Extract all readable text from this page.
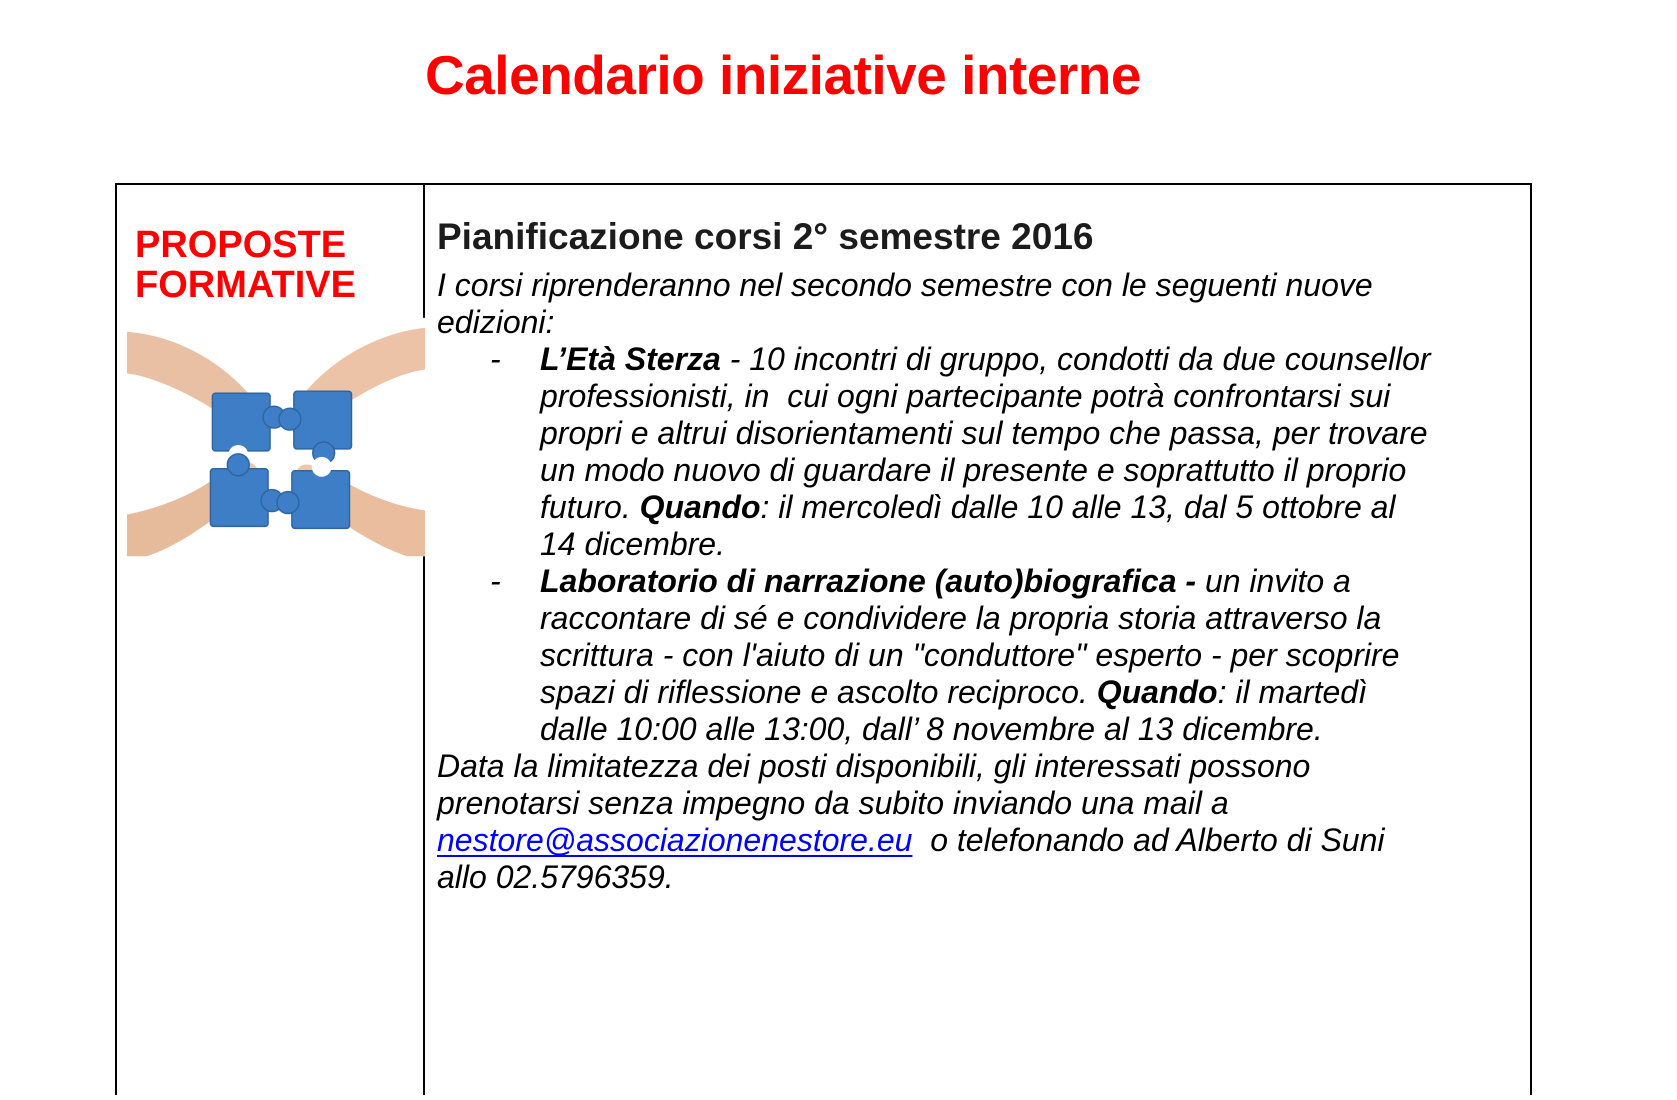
Calendario iniziative interne
PROPOSTE
FORMATIVE
Pianificazione corsi 2° semestre 2016

I corsi riprenderanno nel secondo semestre con le seguenti nuove edizioni:

- L’Età Sterza - 10 incontri di gruppo, condotti da due counsellor professionisti, in  cui ogni partecipante potrà confrontarsi sui propri e altrui disorientamenti sul tempo che passa, per trovare un modo nuovo di guardare il presente e soprattutto il proprio futuro. Quando: il mercoledì dalle 10 alle 13, dal 5 ottobre al 14 dicembre.
- Laboratorio di narrazione (auto)biografica - un invito a raccontare di sé e condividere la propria storia attraverso la scrittura - con l'aiuto di un "conduttore" esperto - per scoprire spazi di riflessione e ascolto reciproco. Quando: il martedì dalle 10:00 alle 13:00, dall’ 8 novembre al 13 dicembre.

Data la limitatezza dei posti disponibili, gli interessati possono prenotarsi senza impegno da subito inviando una mail a nestore@associazionenestore.eu  o telefonando ad Alberto di Suni allo 02.5796359.
